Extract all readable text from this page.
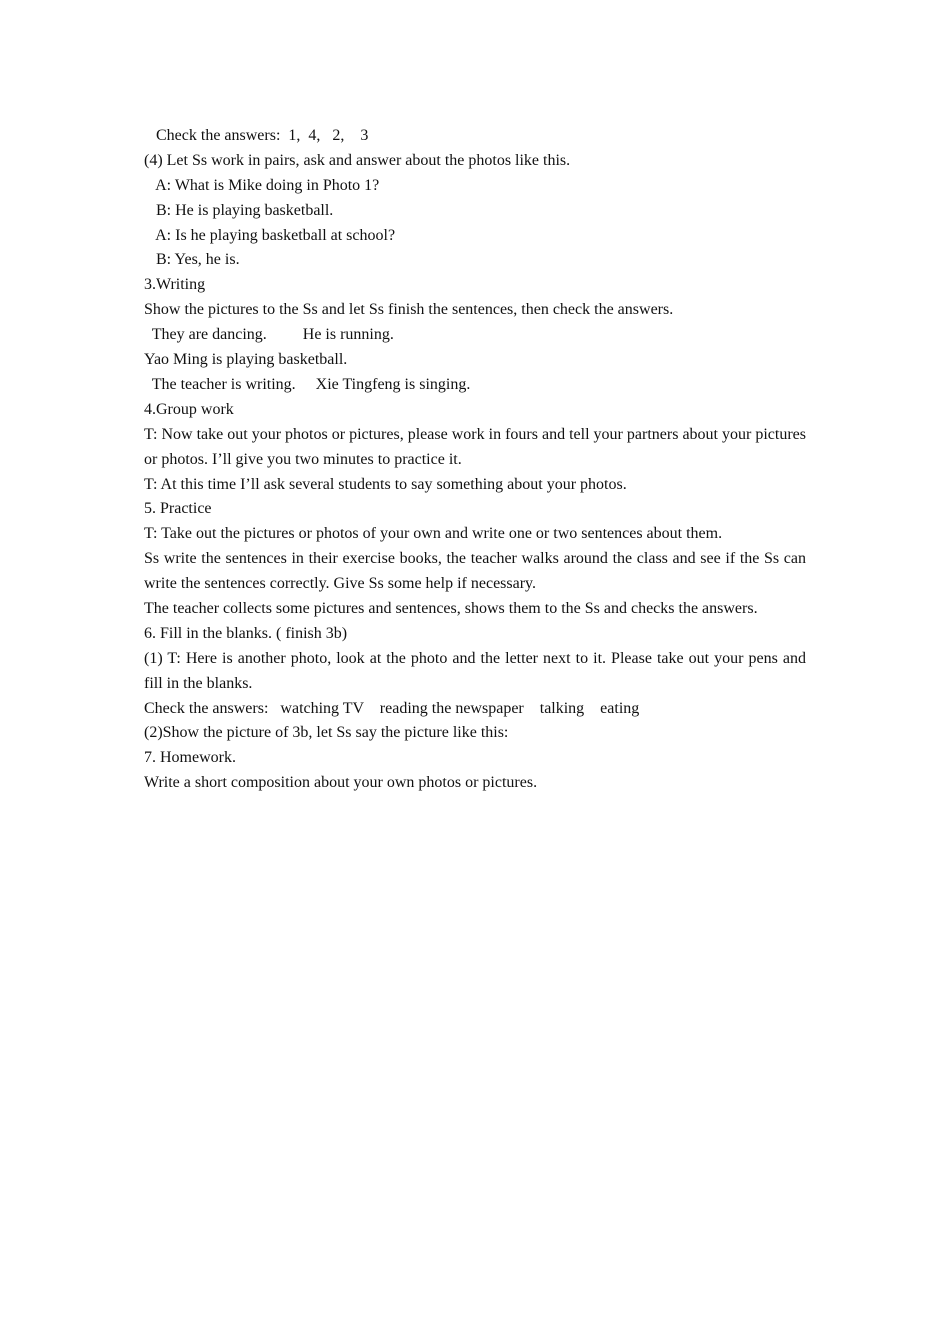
Check the answers:  1,  4,   2,    3
(4) Let Ss work in pairs, ask and answer about the photos like this.
A: What is Mike doing in Photo 1?
B: He is playing basketball.
A: Is he playing basketball at school?
B: Yes, he is.
3.Writing
Show the pictures to the Ss and let Ss finish the sentences, then check the answers.
They are dancing.         He is running.
Yao Ming is playing basketball.
The teacher is writing.     Xie Tingfeng is singing.
4.Group work
T: Now take out your photos or pictures, please work in fours and tell your partners about your pictures or photos. I’ll give you two minutes to practice it.
T: At this time I’ll ask several students to say something about your photos.
5. Practice
T: Take out the pictures or photos of your own and write one or two sentences about them.
Ss write the sentences in their exercise books, the teacher walks around the class and see if the Ss can write the sentences correctly. Give Ss some help if necessary.
The teacher collects some pictures and sentences, shows them to the Ss and checks the answers.
6. Fill in the blanks. ( finish 3b)
(1) T: Here is another photo, look at the photo and the letter next to it. Please take out your pens and fill in the blanks.
Check the answers:   watching TV    reading the newspaper    talking    eating
(2)Show the picture of 3b, let Ss say the picture like this:
7. Homework.
Write a short composition about your own photos or pictures.
